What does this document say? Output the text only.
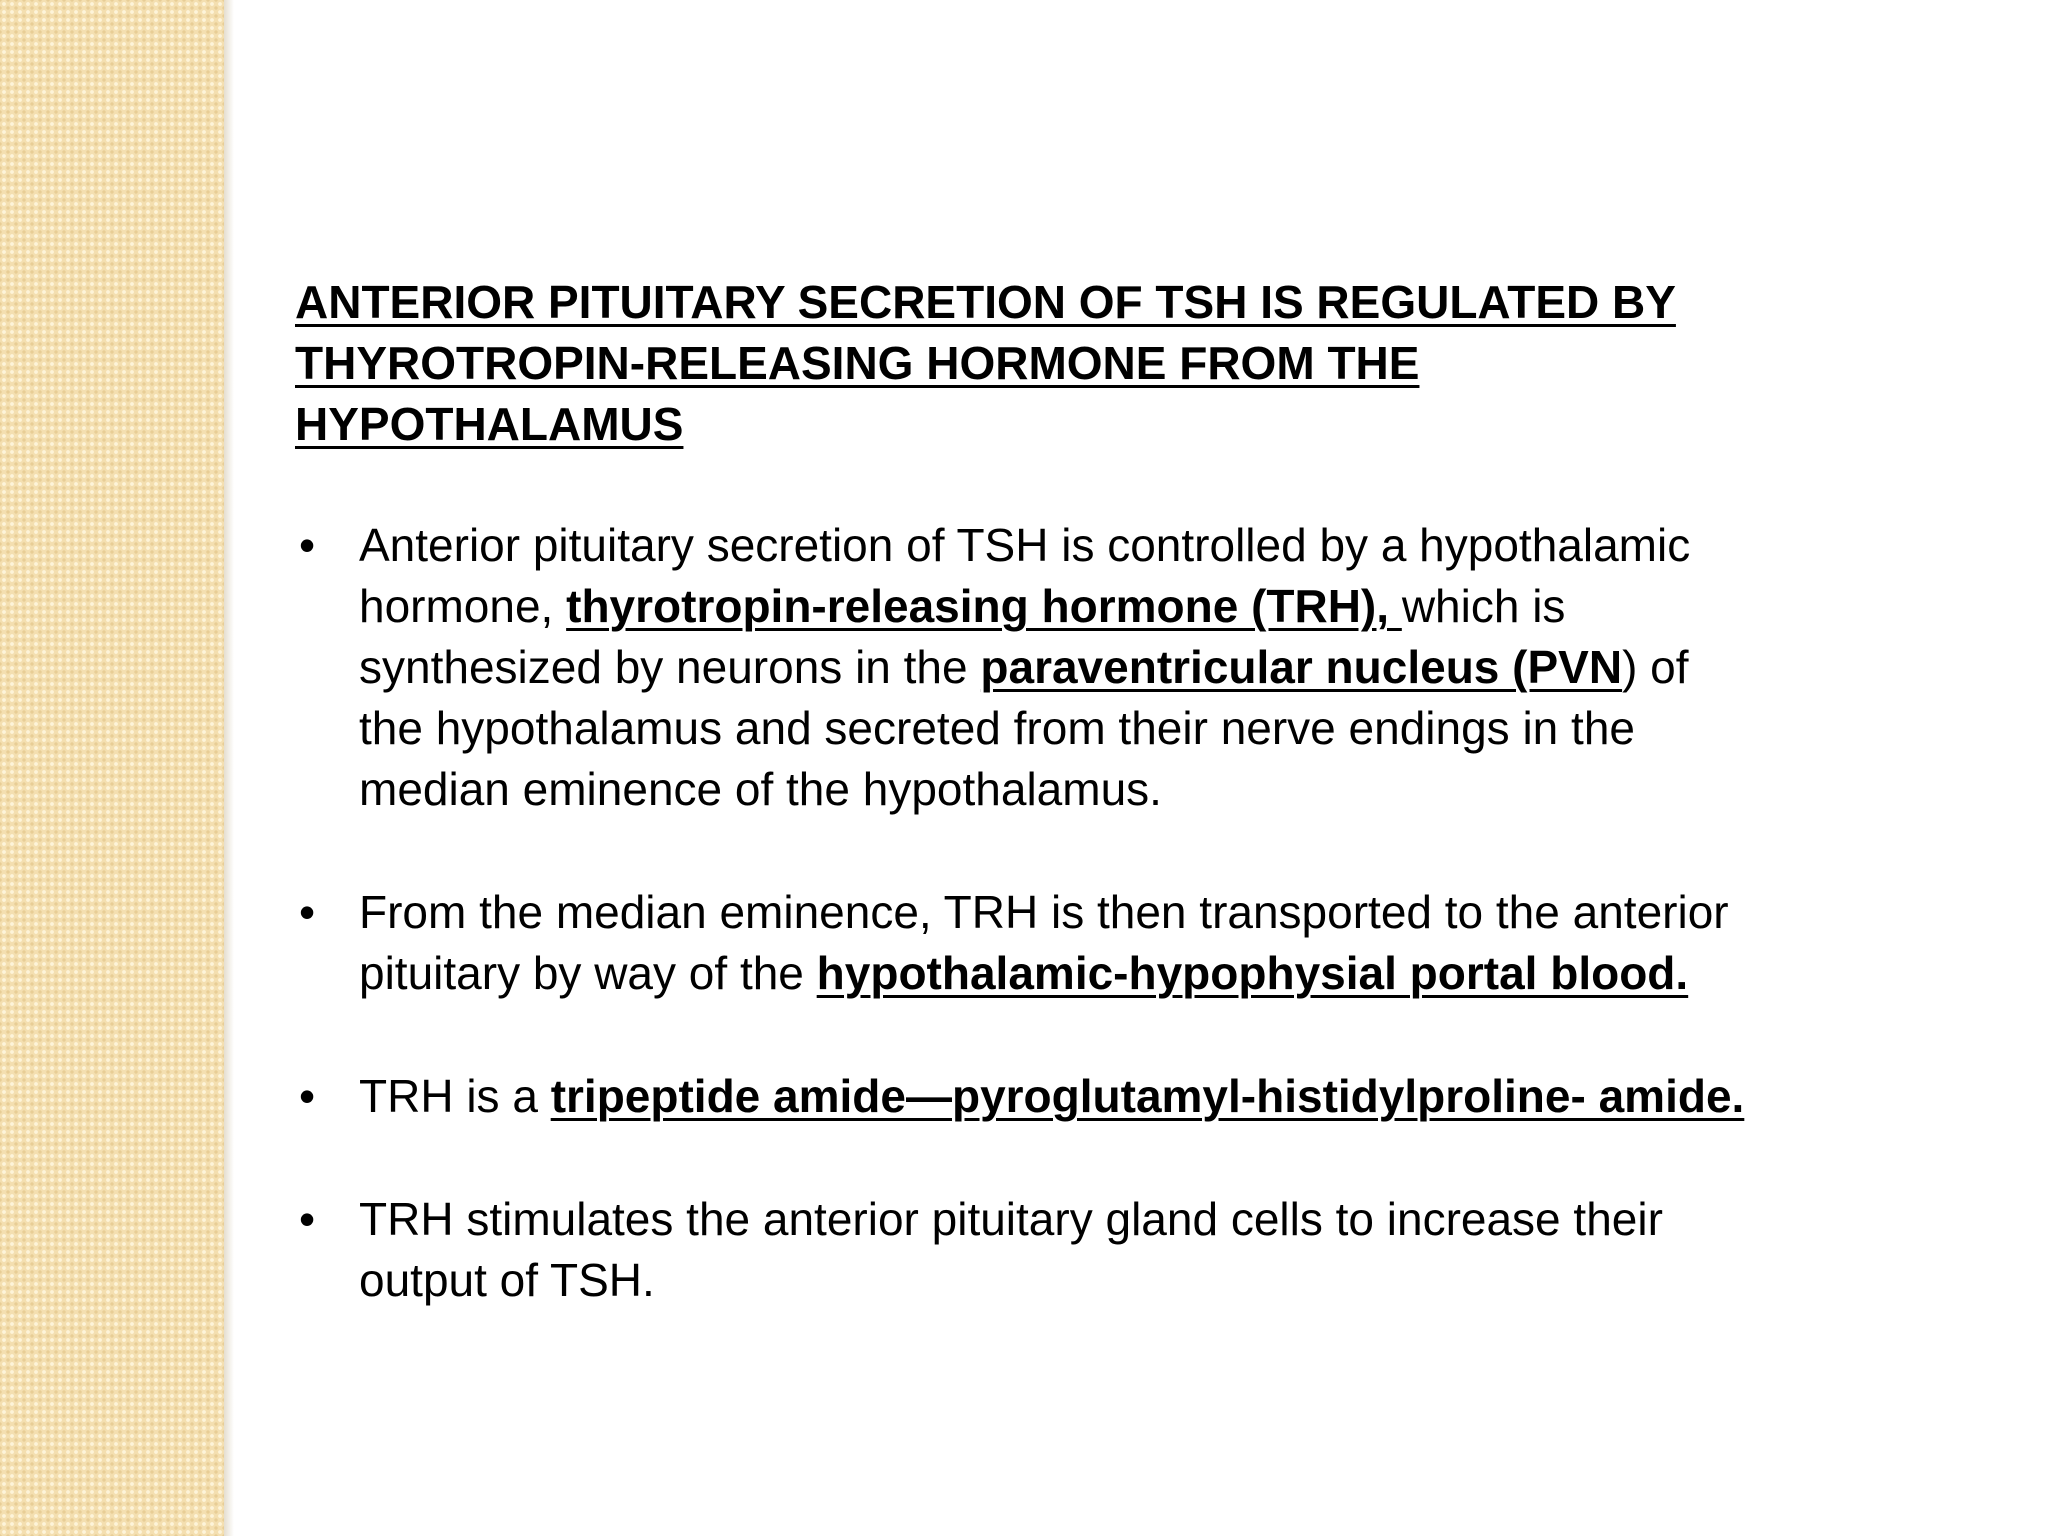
ANTERIOR PITUITARY SECRETION OF TSH IS REGULATED BY
THYROTROPIN-RELEASING HORMONE FROM THE
HYPOTHALAMUS
• Anterior pituitary secretion of TSH is controlled by a hypothalamic
hormone, thyrotropin-releasing hormone (TRH), which is
synthesized by neurons in the paraventricular nucleus (PVN) of
the hypothalamus and secreted from their nerve endings in the
median eminence of the hypothalamus.
• From the median eminence, TRH is then transported to the anterior
pituitary by way of the hypothalamic-hypophysial portal blood.
• TRH is a tripeptide amide—pyroglutamyl-histidylproline- amide.
• TRH stimulates the anterior pituitary gland cells to increase their
output of TSH.
